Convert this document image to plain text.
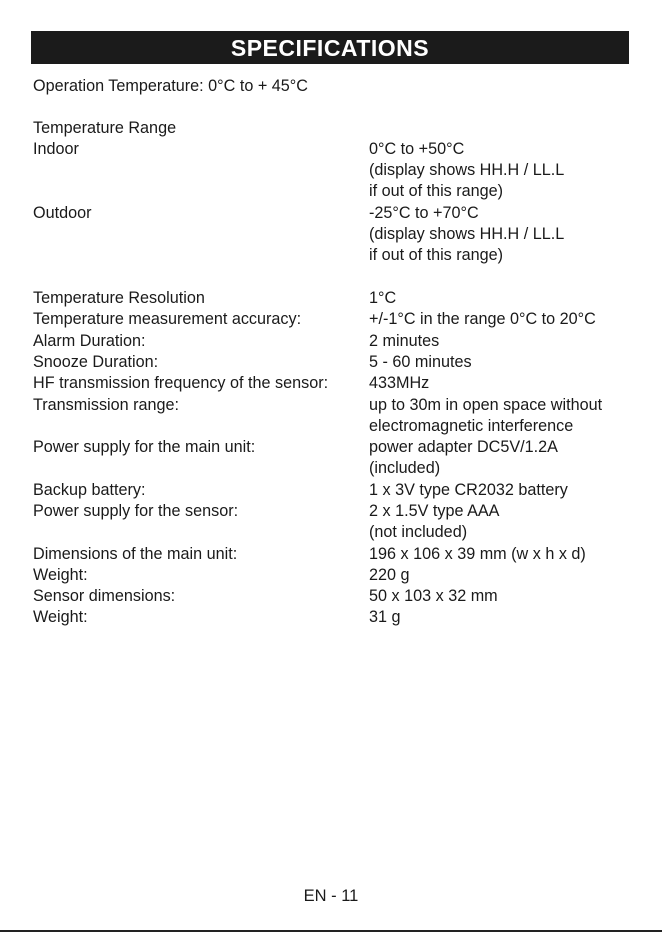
SPECIFICATIONS
Operation Temperature: 0°C to + 45°C
Temperature Range
Indoor	0°C to +50°C
(display shows HH.H / LL.L
if out of this range)
Outdoor	-25°C to +70°C
(display shows HH.H / LL.L
if out of this range)
Temperature Resolution	1°C
Temperature measurement accuracy:	+/-1°C in the range 0°C to 20°C
Alarm Duration:	2 minutes
Snooze Duration:	5 - 60 minutes
HF transmission frequency of the sensor:	433MHz
Transmission range:	up to 30m in open space without
electromagnetic interference
Power supply for the main unit:	power adapter DC5V/1.2A
(included)
Backup battery:	1 x 3V type CR2032 battery
Power supply for the sensor:	2 x 1.5V type AAA
(not included)
Dimensions of the main unit:	196 x 106 x 39 mm (w x h x d)
Weight:	220 g
Sensor dimensions:	50 x 103 x 32 mm
Weight:	31 g
EN - 11
